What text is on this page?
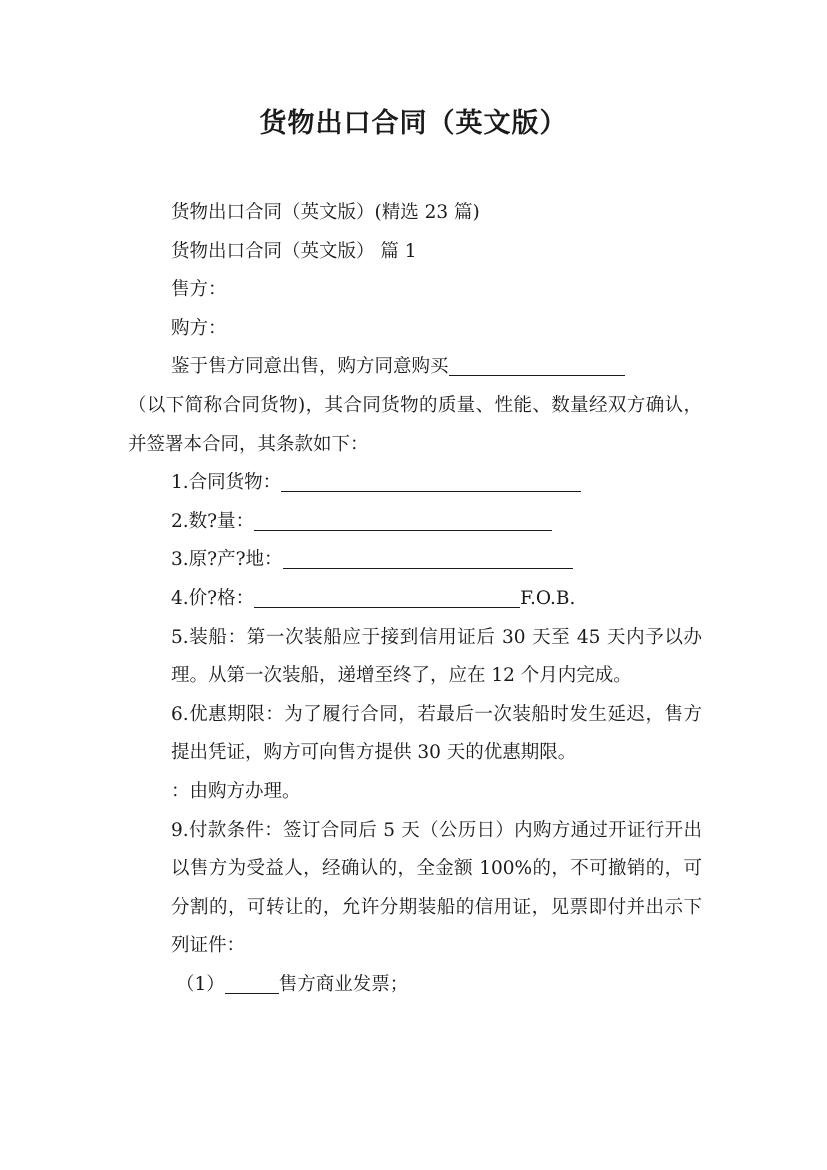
货物出口合同（英文版）

货物出口合同（英文版）(精选 23 篇)

货物出口合同（英文版） 篇 1

售方：

购方：

鉴于售方同意出售，购方同意购买

（以下简称合同货物)，其合同货物的质量、性能、数量经双方确认，并签署本合同，其条款如下：

1.合同货物：

2.数?量：

3.原?产?地：

4.价?格：	F.O.B.

5.装船：第一次装船应于接到信用证后 30 天至 45 天内予以办理。从第一次装船，递增至终了，应在 12 个月内完成。

6.优惠期限：为了履行合同，若最后一次装船时发生延迟，售方提出凭证，购方可向售方提供 30 天的优惠期限。

：由购方办理。

9.付款条件：签订合同后 5 天（公历日）内购方通过开证行开出以售方为受益人，经确认的，全金额 100%的，不可撤销的，可分割的，可转让的，允许分期装船的信用证，见票即付并出示下列证件：

（1）	售方商业发票；
